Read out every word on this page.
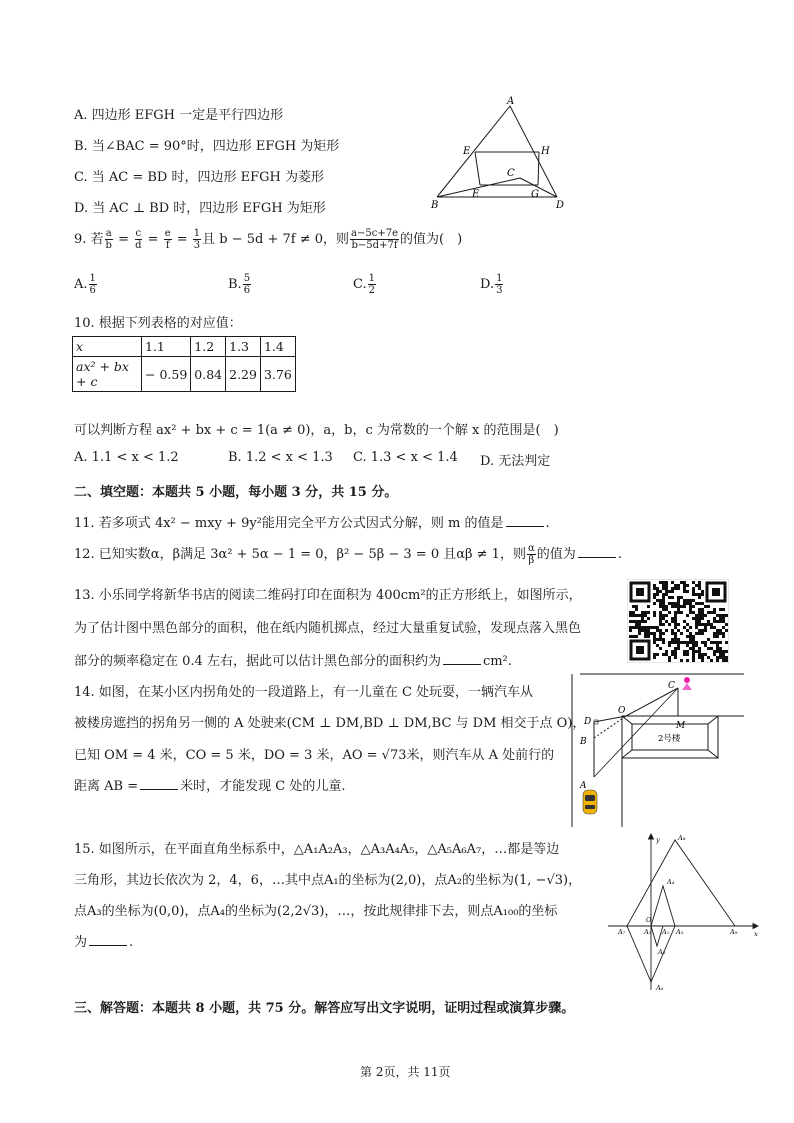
A. 四边形 EFGH 一定是平行四边形
B. 当∠BAC = 90°时，四边形 EFGH 为矩形
C. 当 AC = BD 时，四边形 EFGH 为菱形
D. 当 AC ⊥ BD 时，四边形 EFGH 为矩形
A
E	H
C
B
E	G
D
9. 若 $\frac{a}{b} = \frac{c}{d} = \frac{e}{f} = \frac{1}{3}$ 且 b − 5d + 7f ≠ 0，则 $\frac{a-5c+7e}{b-5d+7f}$ 的值为(　)
A. $\frac{1}{6}$	B. $\frac{5}{6}$	C. $\frac{1}{2}$	D. $\frac{1}{3}$
10. 根据下列表格的对应值：
x	1.1	1.2	1.3	1.4

ax² + bx
+ c	− 0.59	0.84	2.29	3.76
可以判断方程 ax² + bx + c = 1(a ≠ 0)，a，b，c 为常数的一个解 x 的范围是(　)
A. 1.1 < x < 1.2	B. 1.2 < x < 1.3 C. 1.3 < x < 1.4 D. 无法判定
二、填空题：本题共 5 小题，每小题 3 分，共 15 分。
11. 若多项式 4x² − mxy + 9y²能用完全平方公式因式分解，则 m 的值是	.
12. 已知实数α，β满足 3α² + 5α − 1 = 0，β² − 5β − 3 = 0 且αβ ≠ 1，则 $\frac{\alpha}{\beta}$ 的值为	.
13. 小乐同学将新华书店的阅读二维码打印在面积为 400cm²的正方形纸上，如图所示，
为了估计图中黑色部分的面积，他在纸内随机掷点，经过大量重复试验，发现点落入黑色
部分的频率稳定在 0.4 左右，据此可以估计黑色部分的面积约为	cm².
14. 如图，在某小区内拐角处的一段道路上，有一儿童在 C 处玩耍，一辆汽车从
被楼房遮挡的拐角另一侧的 A 处驶来(CM ⊥ DM,BD ⊥ DM,BC 与 DM 相交于点 O)，
已知 OM = 4 米，CO = 5 米，DO = 3 米，AO = √73米，则汽车从 A 处前行的
距离 AB =	米时，才能发现 C 处的儿童.
C
D
O
M
B
A
2号楼
15. 如图所示，在平面直角坐标系中，△A₁A₂A₃，△A₃A₄A₅，△A₅A₆A₇，…都是等边
三角形，其边长依次为 2，4，6，…其中点A₁的坐标为(2,0)，点A₂的坐标为(1, −√3)，
点A₃的坐标为(0,0)，点A₄的坐标为(2,2√3)，…，按此规律排下去，则点A₁₀₀的坐标
为	.
y
x
O
A₁
A₂
A₃
A₄
A₅
A₆
A₇
A₈
A₉
三、解答题：本题共 8 小题，共 75 分。解答应写出文字说明，证明过程或演算步骤。
第 2页，共 11页
